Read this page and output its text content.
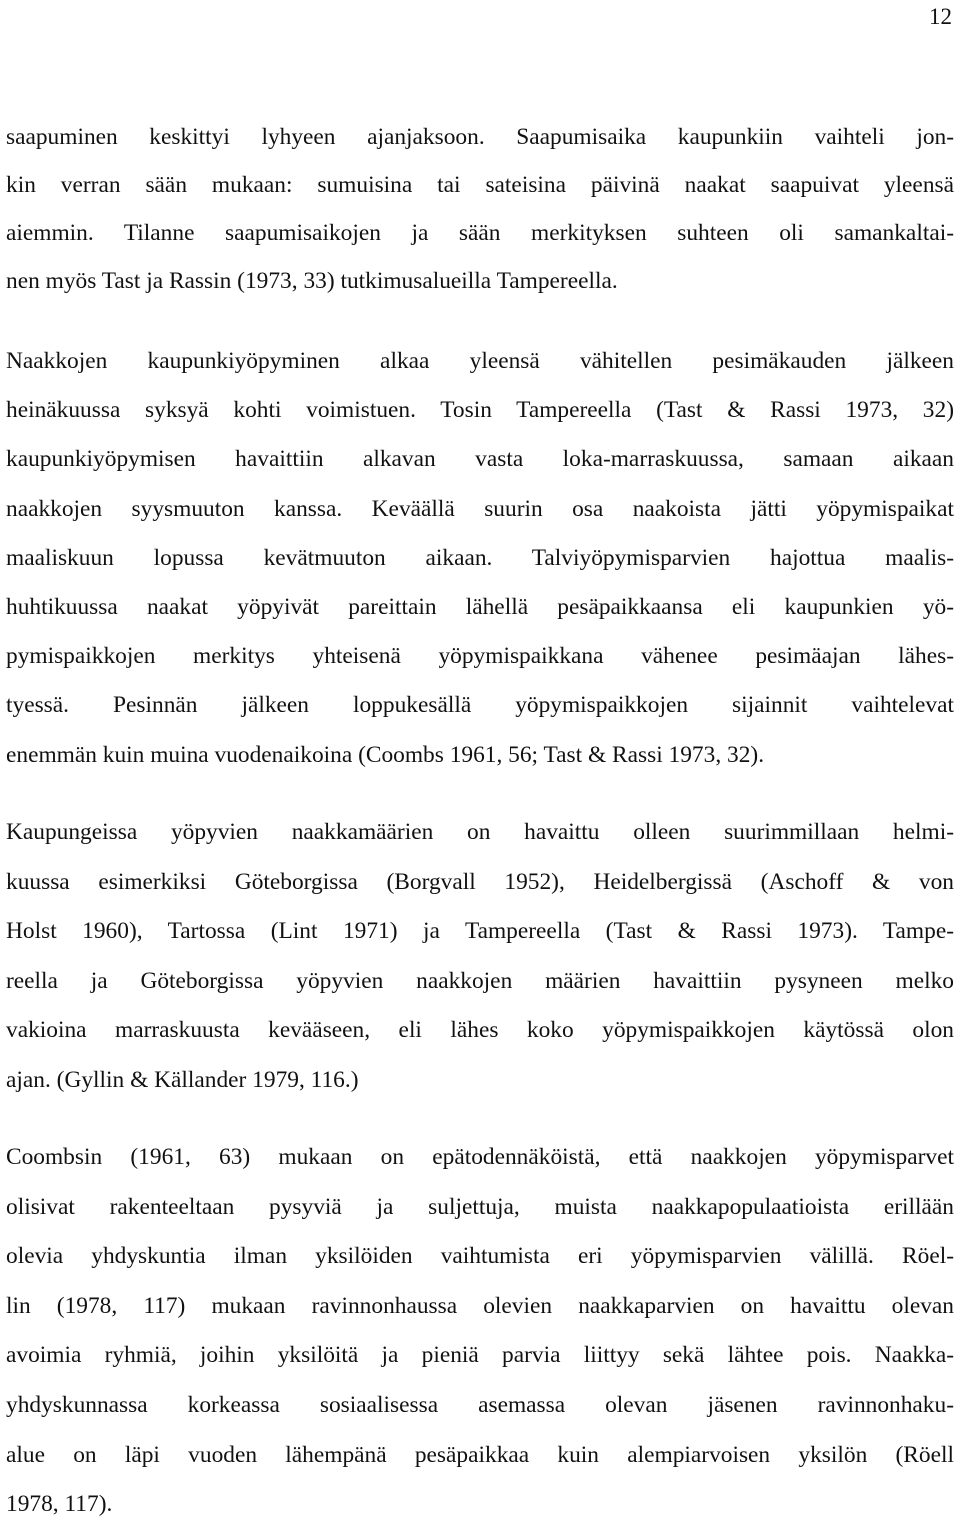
12
saapuminen keskittyi lyhyeen ajanjaksoon. Saapumisaika kaupunkiin vaihteli jon-
kin verran sään mukaan: sumuisina tai sateisina päivinä naakat saapuivat yleensä
aiemmin. Tilanne saapumisaikojen ja sään merkityksen suhteen oli samankaltai-
nen myös Tast ja Rassin (1973, 33) tutkimusalueilla Tampereella.
Naakkojen kaupunkiyöpyminen alkaa yleensä vähitellen pesimäkauden jälkeen
heinäkuussa syksyä kohti voimistuen. Tosin Tampereella (Tast & Rassi 1973, 32)
kaupunkiyöpymisen havaittiin alkavan vasta loka-marraskuussa, samaan aikaan
naakkojen syysmuuton kanssa. Keväällä suurin osa naakoista jätti yöpymispaikat
maaliskuun lopussa kevätmuuton aikaan. Talviyöpymisparvien hajottua maalis-
huhtikuussa naakat yöpyivät pareittain lähellä pesäpaikkaansa eli kaupunkien yö-
pymispaikkojen merkitys yhteisenä yöpymispaikkana vähenee pesimäajan lähes-
tyessä. Pesinnän jälkeen loppukesällä yöpymispaikkojen sijainnit vaihtelevat
enemmän kuin muina vuodenaikoina (Coombs 1961, 56; Tast & Rassi 1973, 32).
Kaupungeissa yöpyvien naakkamäärien on havaittu olleen suurimmillaan helmi-
kuussa esimerkiksi Göteborgissa (Borgvall 1952), Heidelbergissä (Aschoff & von
Holst 1960), Tartossa (Lint 1971) ja Tampereella (Tast & Rassi 1973). Tampe-
reella ja Göteborgissa yöpyvien naakkojen määrien havaittiin pysyneen melko
vakioina marraskuusta kevääseen, eli lähes koko yöpymispaikkojen käytössä olon
ajan. (Gyllin & Källander 1979, 116.)
Coombsin (1961, 63) mukaan on epätodennäköistä, että naakkojen yöpymisparvet
olisivat rakenteeltaan pysyviä ja suljettuja, muista naakkapopulaatioista erillään
olevia yhdyskuntia ilman yksilöiden vaihtumista eri yöpymisparvien välillä. Röel-
lin (1978, 117) mukaan ravinnonhaussa olevien naakkaparvien on havaittu olevan
avoimia ryhmiä, joihin yksilöitä ja pieniä parvia liittyy sekä lähtee pois. Naakka-
yhdyskunnassa korkeassa sosiaalisessa asemassa olevan jäsenen ravinnonhaku-
alue on läpi vuoden lähempänä pesäpaikkaa kuin alempiarvoisen yksilön (Röell
1978, 117).
